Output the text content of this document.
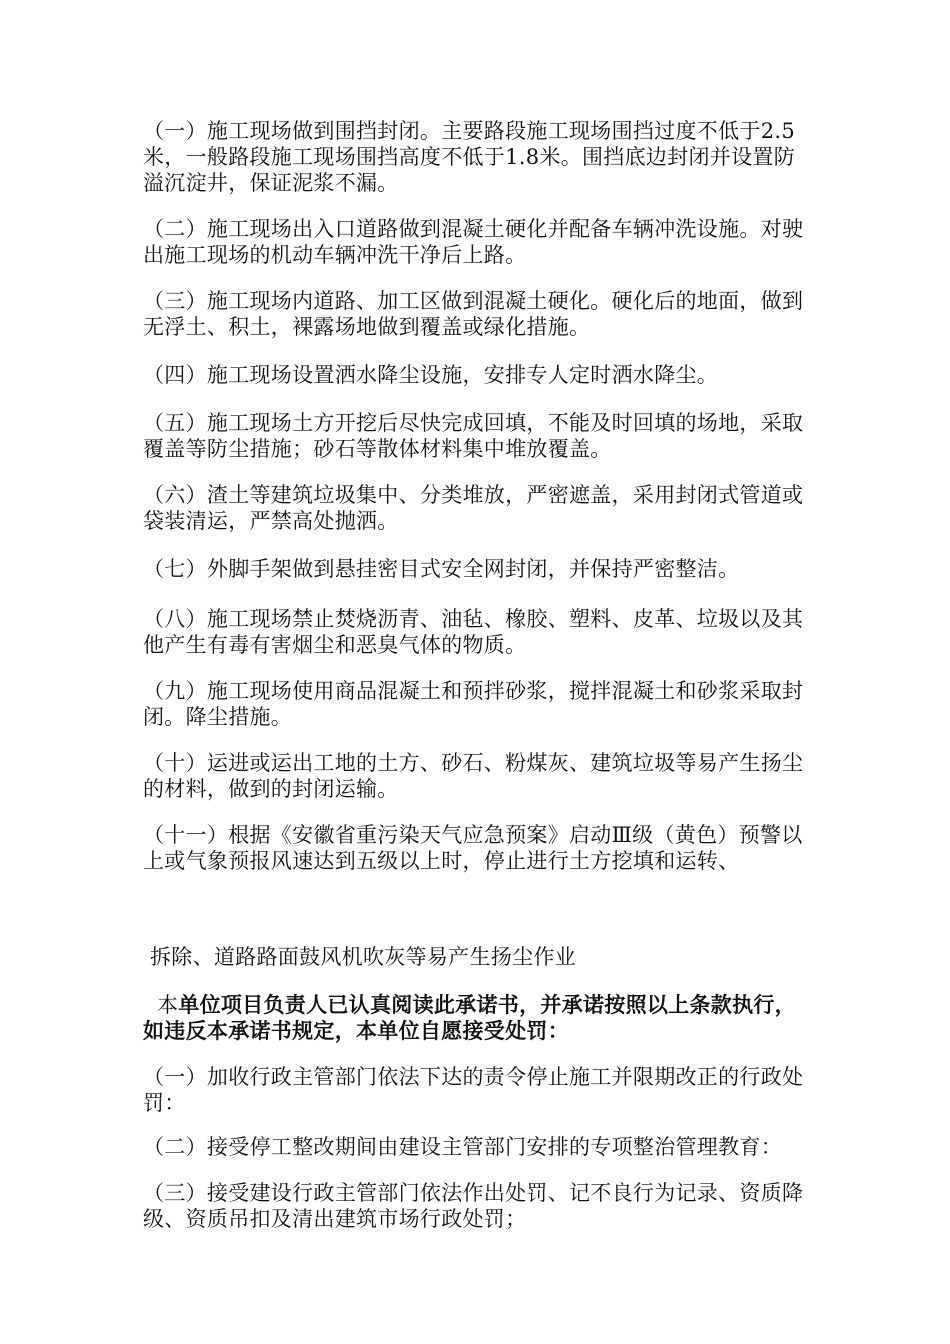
（一）施工现场做到围挡封闭。主要路段施工现场围挡过度不低于2.5米，一般路段施工现场围挡高度不低于1.8米。围挡底边封闭并设置防溢沉淀井，保证泥浆不漏。

（二）施工现场出入口道路做到混凝土硬化并配备车辆冲洗设施。对驶出施工现场的机动车辆冲洗干净后上路。

（三）施工现场内道路、加工区做到混凝土硬化。硬化后的地面，做到无浮土、积土，裸露场地做到覆盖或绿化措施。

（四）施工现场设置洒水降尘设施，安排专人定时洒水降尘。

（五）施工现场土方开挖后尽快完成回填，不能及时回填的场地，采取覆盖等防尘措施；砂石等散体材料集中堆放覆盖。

（六）渣土等建筑垃圾集中、分类堆放，严密遮盖，采用封闭式管道或袋装清运，严禁高处抛洒。

（七）外脚手架做到悬挂密目式安全网封闭，并保持严密整洁。

（八）施工现场禁止焚烧沥青、油毡、橡胶、塑料、皮革、垃圾以及其他产生有毒有害烟尘和恶臭气体的物质。

（九）施工现场使用商品混凝土和预拌砂浆，搅拌混凝土和砂浆采取封闭。降尘措施。

（十）运进或运出工地的土方、砂石、粉煤灰、建筑垃圾等易产生扬尘的材料，做到的封闭运输。

（十一）根据《安徽省重污染天气应急预案》启动Ⅲ级（黄色）预警以上或气象预报风速达到五级以上时，停止进行土方挖填和运转、

拆除、道路路面鼓风机吹灰等易产生扬尘作业

本单位项目负责人已认真阅读此承诺书，并承诺按照以上条款执行，如违反本承诺书规定，本单位自愿接受处罚：

（一）加收行政主管部门依法下达的责令停止施工并限期改正的行政处罚：

（二）接受停工整改期间由建设主管部门安排的专项整治管理教育：

（三）接受建设行政主管部门依法作出处罚、记不良行为记录、资质降级、资质吊扣及清出建筑市场行政处罚；
